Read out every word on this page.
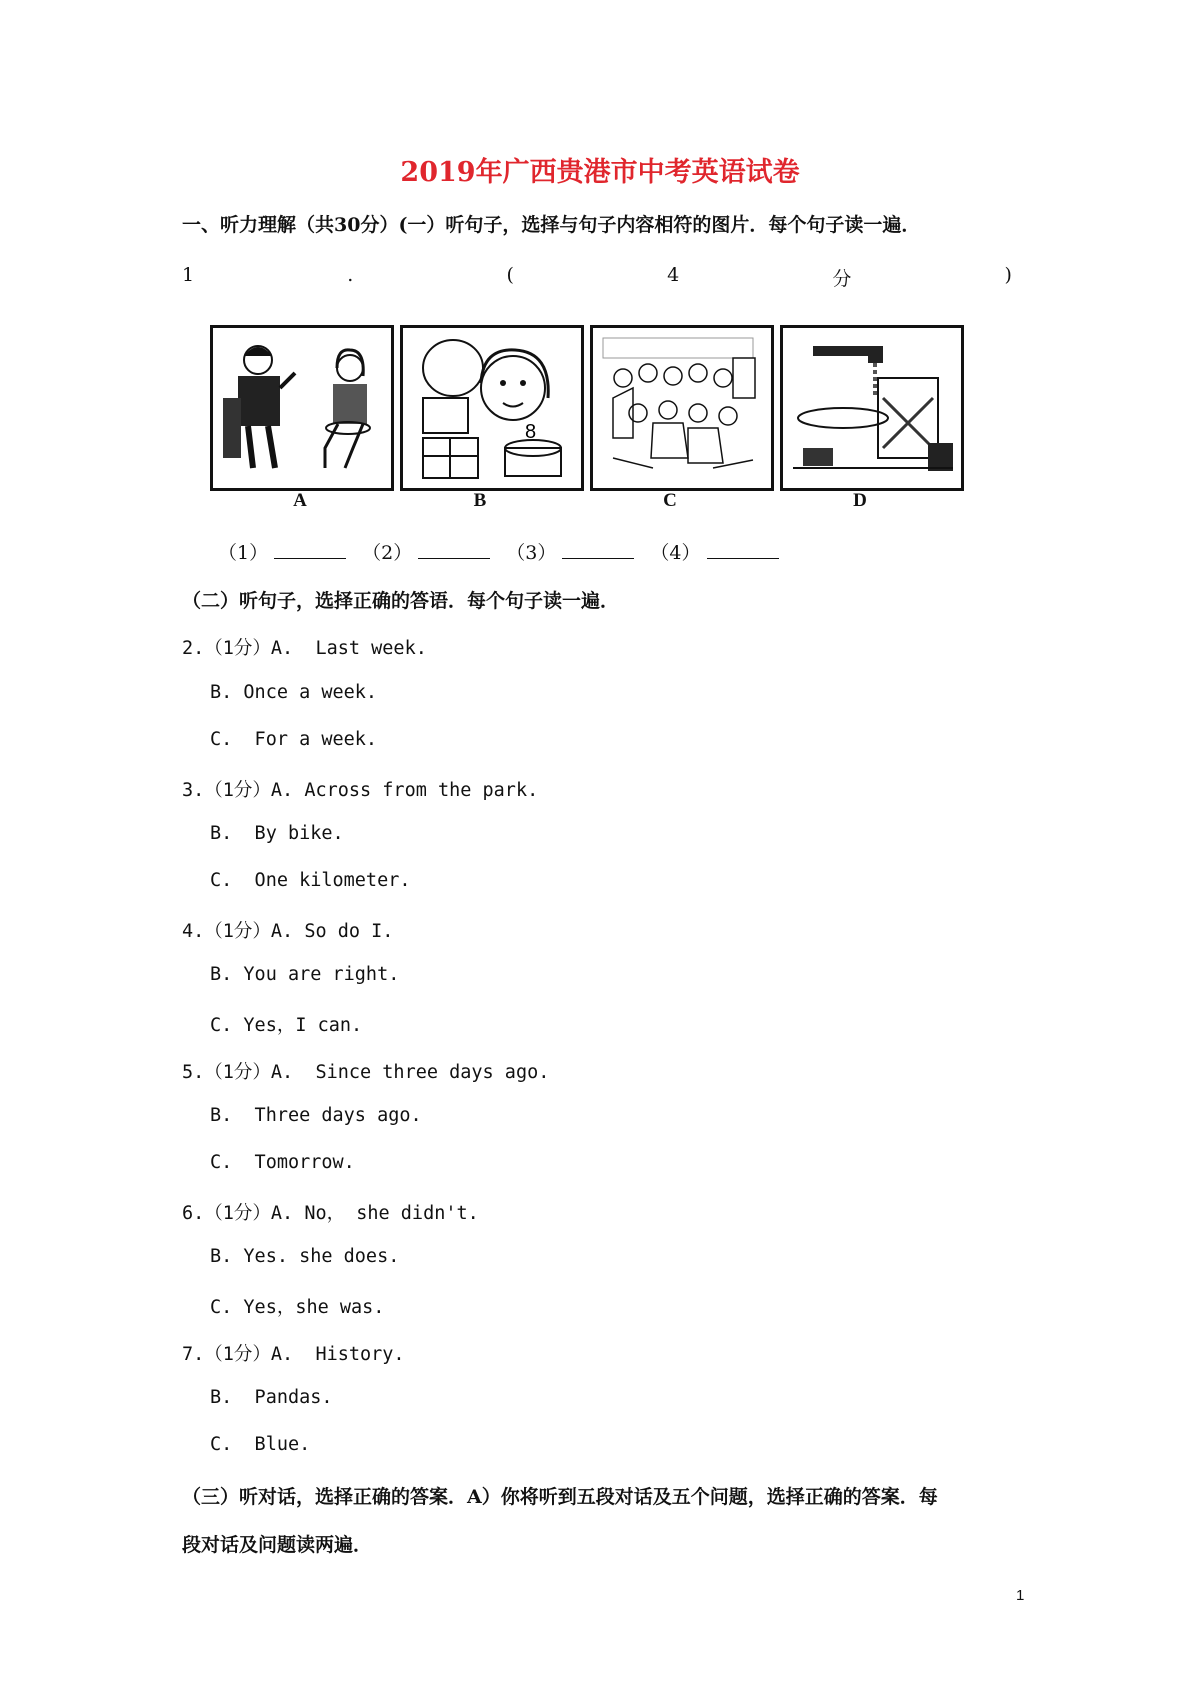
2019年广西贵港市中考英语试卷
一、听力理解（共30分）(一）听句子，选择与句子内容相符的图片．每个句子读一遍．
1	.	(	4	分	)
A
8
B	C	D
（1）	（2）	（3）	（4）
（二）听句子，选择正确的答语．每个句子读一遍．
2.（1分）A.  Last week.
B. Once a week.
C.  For a week.
3.（1分）A. Across from the park.
B.  By bike.
C.  One kilometer.
4.（1分）A. So do I.
B. You are right.
C. Yes，I can.
5.（1分）A.  Since three days ago.
B.  Three days ago.
C.  Tomorrow.
6.（1分）A. No， she didn't.
B. Yes. she does.
C. Yes，she was.
7.（1分）A.  History.
B.  Pandas.
C.  Blue.
（三）听对话，选择正确的答案．A）你将听到五段对话及五个问题，选择正确的答案．每
段对话及问题读两遍．
1
